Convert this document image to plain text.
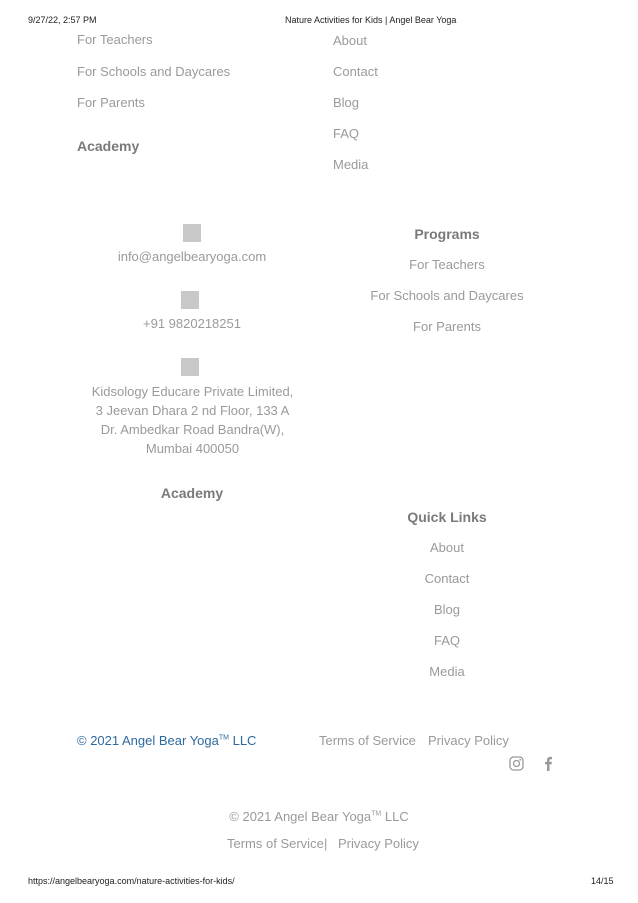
9/27/22, 2:57 PM	Nature Activities for Kids | Angel Bear Yoga
For Teachers
For Schools and Daycares
For Parents
Academy
About
Contact
Blog
FAQ
Media
info@angelbearyoga.com
+91 9820218251
Kidsology Educare Private Limited, 3 Jeevan Dhara 2 nd Floor, 133 A Dr. Ambedkar Road Bandra(W), Mumbai 400050
Academy
Programs
For Teachers
For Schools and Daycares
For Parents
Quick Links
About
Contact
Blog
FAQ
Media
© 2021 Angel Bear Yoga™ LLC	Terms of Service Privacy Policy
© 2021 Angel Bear Yoga™ LLC
Terms of Service | Privacy Policy
https://angelbearyoga.com/nature-activities-for-kids/	14/15
